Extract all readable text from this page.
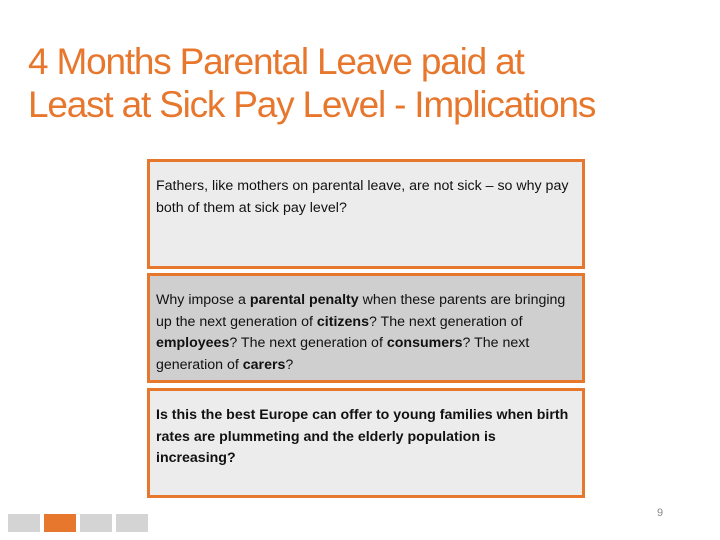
4 Months Parental Leave paid at
Least at Sick Pay Level - Implications

Fathers, like mothers on parental leave, are not sick – so why pay both of them at sick pay level?

Why impose a parental penalty when these parents are bringing up the next generation of citizens? The next generation of employees? The next generation of consumers? The next generation of carers?

Is this the best Europe can offer to young families when birth rates are plummeting and the elderly population is increasing?

9
